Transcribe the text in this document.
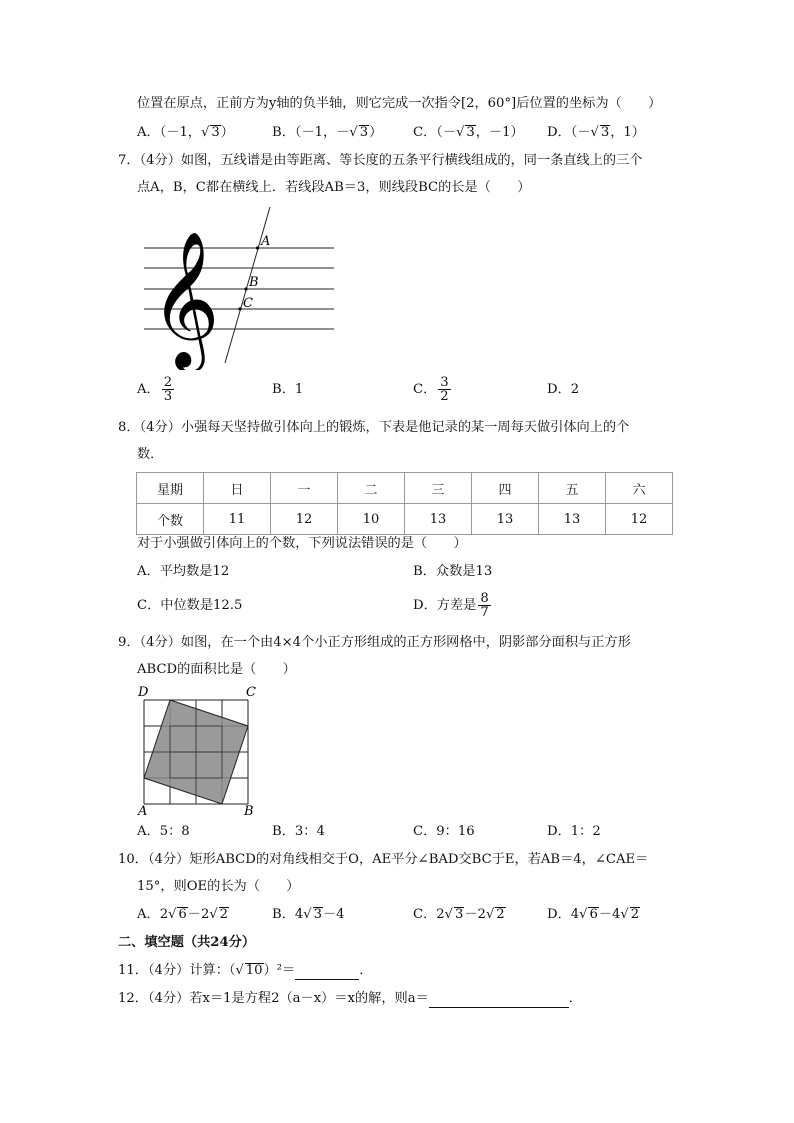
位置在原点，正前方为y轴的负半轴，则它完成一次指令[2，60°]后位置的坐标为（　　）
A．（－1，√ 3）	B．（－1，－√ 3） C．（－√ 3，－1） D．（－√ 3，1）
7．（4分）如图，五线谱是由等距离、等长度的五条平行横线组成的，同一条直线上的三个
点A，B，C都在横线上．若线段AB＝3，则线段BC的长是（　　）
𝄞	A
B
C
A． $\frac{2}{3}$	B．1	C． $\frac{3}{2}$	D．2
8．（4分）小强每天坚持做引体向上的锻炼，下表是他记录的某一周每天做引体向上的个
数．
星期	日	一	二	三	四	五	六
个数	11	12	10	13	13	13	12
对于小强做引体向上的个数，下列说法错误的是（　　）
A．平均数是12	B．众数是13
C．中位数是12.5	D．方差是 $\frac{8}{7}$
9．（4分）如图，在一个由4×4个小正方形组成的正方形网格中，阴影部分面积与正方形
ABCD的面积比是（　　）
D	C
A	B
A．5：8	B．3：4	C．9：16	D．1：2
10．（4分）矩形ABCD的对角线相交于O，AE平分∠BAD交BC于E，若AB＝4，∠CAE＝
15°，则OE的长为（　　）
A．2√ 6－2√ 2	B．4√ 3－4	C．2√ 3－2√ 2	D．4√ 6－4√ 2
二、填空题（共24分）
11．（4分）计算：（√ 10）²＝	．
12．（4分）若x＝1是方程2（a－x）＝x的解，则a＝	．
